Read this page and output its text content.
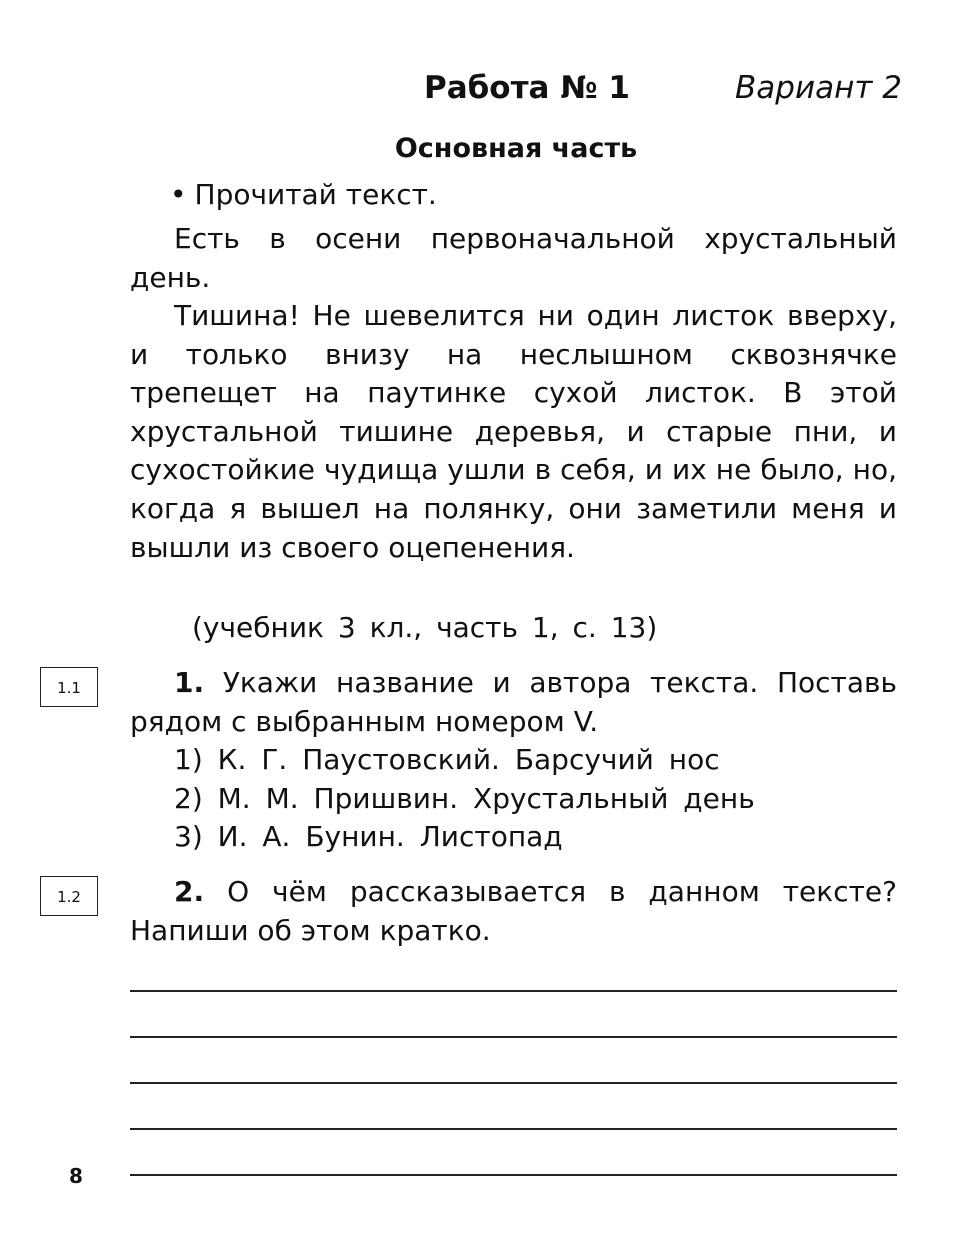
Работа № 1	Вариант 2
Основная часть
• Прочитай текст.

Есть в осени первоначальной хрустальный день.

Тишина! Не шевелится ни один листок вверху, и только внизу на неслышном сквознячке трепещет на паутинке сухой листок. В этой хрустальной тишине деревья, и старые пни, и сухостойкие чудища ушли в себя, и их не было, но, когда я вышел на полянку, они заметили меня и вышли из своего оцепенения.

(учебник 3 кл., часть 1, с. 13)
1.1	1. Укажи название и автора текста. Поставь рядом с выбранным номером V.

1) К. Г. Паустовский. Барсучий нос
2) М. М. Пришвин. Хрустальный день
3) И. А. Бунин. Листопад
1.2	2. О чём рассказывается в данном тексте? Напиши об этом кратко.

8
